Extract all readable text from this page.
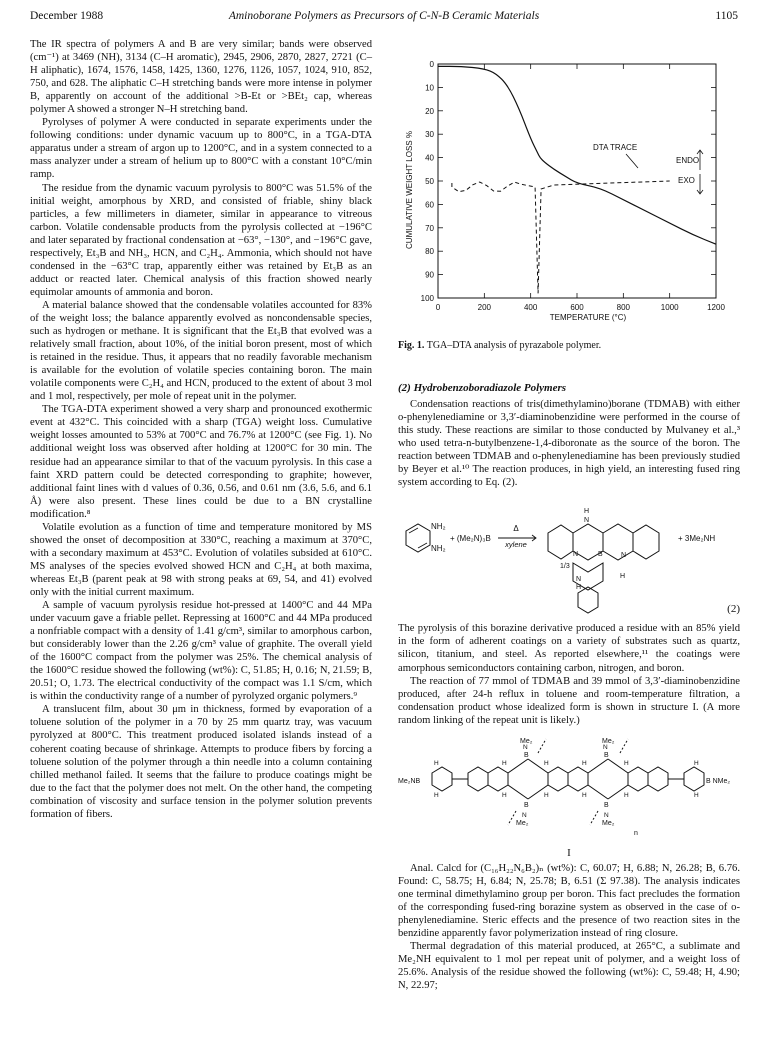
December 1988	Aminoborane Polymers as Precursors of C-N-B Ceramic Materials	1105

The IR spectra of polymers A and B are very similar; bands were observed (cm⁻¹) at 3469 (NH), 3134 (C–H aromatic), 2945, 2906, 2870, 2827, 2721 (C–H aliphatic), 1674, 1576, 1458, 1425, 1360, 1276, 1126, 1057, 1024, 910, 852, 750, and 628. The aliphatic C–H stretching bands were more intense in polymer B, apparently on account of the additional >B-Et or >BEt₂ cap, whereas polymer A showed a stronger N–H stretching band.

Pyrolyses of polymer A were conducted in separate experiments under the following conditions: under dynamic vacuum up to 800°C, in a TGA-DTA apparatus under a stream of argon up to 1200°C, and in a system connected to a mass analyzer under a stream of helium up to 800°C with a constant 10°C/min ramp.

The residue from the dynamic vacuum pyrolysis to 800°C was 51.5% of the initial weight, amorphous by XRD, and consisted of friable, shiny black particles, a few millimeters in diameter, similar in appearance to vitreous carbon. Volatile condensable products from the pyrolysis collected at −196°C and later separated by fractional condensation at −63°, −130°, and −196°C gave, respectively, Et₃B and NH₃, HCN, and C₂H₄. Ammonia, which should not have condensed in the −63°C trap, apparently either was retained by Et₃B as an adduct or reacted later. Chemical analysis of this fraction showed nearly equimolar amounts of ammonia and boron.

A material balance showed that the condensable volatiles accounted for 83% of the weight loss; the balance apparently evolved as noncondensable species, such as hydrogen or methane. It is significant that the Et₃B that evolved was a relatively small fraction, about 10%, of the initial boron present, most of which is retained in the residue. Thus, it appears that no readily favorable mechanism is available for the evolution of volatile species containing boron. The main volatile components were C₂H₄ and HCN, produced to the extent of about 3 mol and 1 mol, respectively, per mole of repeat unit in the polymer.

The TGA-DTA experiment showed a very sharp and pronounced exothermic event at 432°C. This coincided with a sharp (TGA) weight loss. Cumulative weight losses amounted to 53% at 700°C and 76.7% at 1200°C (see Fig. 1). No additional weight loss was observed after holding at 1200°C for 30 min. The residue had an appearance similar to that of the vacuum pyrolysis. In this case a faint XRD pattern could be detected corresponding to graphite; however, additional faint lines with d values of 0.36, 0.56, and 0.61 nm (3.6, 5.6, and 6.1 Å) were also present. These lines could be due to a BN crystalline modification.⁸

Volatile evolution as a function of time and temperature monitored by MS showed the onset of decomposition at 330°C, reaching a maximum at 370°C, with a secondary maximum at 453°C. Evolution of volatiles subsided at 610°C. MS analyses of the species evolved showed HCN and C₂H₄ at both maxima, whereas Et₃B (parent peak at 98 with strong peaks at 69, 54, and 41) evolved only with the initial current maximum.

A sample of vacuum pyrolysis residue hot-pressed at 1400°C and 44 MPa under vacuum gave a friable pellet. Repressing at 1600°C and 44 MPa produced a nonfriable compact with a density of 1.41 g/cm³, similar to amorphous carbon, but considerably lower than the 2.26 g/cm³ value of graphite. The overall yield of the 1600°C compact from the polymer was 25%. The chemical analysis of the 1600°C residue showed the following (wt%): C, 51.85; H, 0.16; N, 21.59; B, 20.51; O, 1.73. The electrical conductivity of the compact was 1.1 S/cm, which is within the conductivity range of a number of pyrolyzed organic polymers.⁹

A translucent film, about 30 μm in thickness, formed by evaporation of a toluene solution of the polymer in a 70 by 25 mm quartz tray, was vacuum pyrolyzed at 800°C. This treatment produced isolated islands instead of a coherent coating because of shrinkage. Attempts to produce fibers by forcing a toluene solution of the polymer through a thin needle into a column containing chilled methanol failed. It seems that the failure to produce coatings might be due to the fact that the polymer does not melt. On the other hand, the competing combination of viscosity and surface tension in the polymer solution prevents formation of fibers.

0
10
20
30
40
50
60
70
80
90
100
0	200	400	600	800	1000	1200
DTA TRACE
ENDO
EXO
TEMPERATURE (°C)
CUMULATIVE WEIGHT LOSS %
Fig. 1. TGA–DTA analysis of pyrazabole polymer.
(2) Hydrobenzoboradiazole Polymers

Condensation reactions of tris(dimethylamino)borane (TDMAB) with either o-phenylenediamine or 3,3′-diaminobenzidine were performed in the course of this study. These reactions are similar to those conducted by Mulvaney et al.,³ who used tetra-n-butylbenzene-1,4-diboronate as the source of the boron. The reaction between TDMAB and o-phenylenediamine has been previously studied by Beyer et al.¹⁰ The reaction produces, in high yield, an interesting fused ring system according to Eq. (2).

NH₂
NH₂
+ (Me₂N)₃B
Δ
xylene
H
N
N	B	N
1/3
H
N
H
+ 3Me₂NH
(2)

The pyrolysis of this borazine derivative produced a residue with an 85% yield in the form of adherent coatings on a variety of substrates such as quartz, silicon, titanium, and steel. As reported elsewhere,¹¹ the coatings were amorphous semiconductors containing carbon, nitrogen, and boron.

The reaction of 77 mmol of TDMAB and 39 mmol of 3,3′-diaminobenzidine produced, after 24-h reflux in toluene and room-temperature filtration, a condensation product whose idealized form is shown in structure I. (A more random linking of the repeat unit is likely.)

Me₂NB	B NMe₂
Me₂	Me₂
Me₂	Me₂
B	B
B	B
N	N
N	N
H	H	H	H
H	H	H	H
H
H
H
H
n
I

Anal. Calcd for (C₁₆H₂₂N₆B₂)ₙ (wt%): C, 60.07; H, 6.88; N, 26.28; B, 6.76. Found: C, 58.75; H, 6.84; N, 25.78; B, 6.51 (Σ 97.38). The analysis indicates one terminal dimethylamino group per boron. This fact precludes the formation of the corresponding fused-ring borazine system as observed in the case of o-phenylenediamine. Steric effects and the presence of two reaction sites in the benzidine apparently favor polymerization instead of ring closure.

Thermal degradation of this material produced, at 265°C, a sublimate and Me₂NH equivalent to 1 mol per repeat unit of polymer, and a weight loss of 25.6%. Analysis of the residue showed the following (wt%): C, 59.48; H, 4.90; N, 22.97;
